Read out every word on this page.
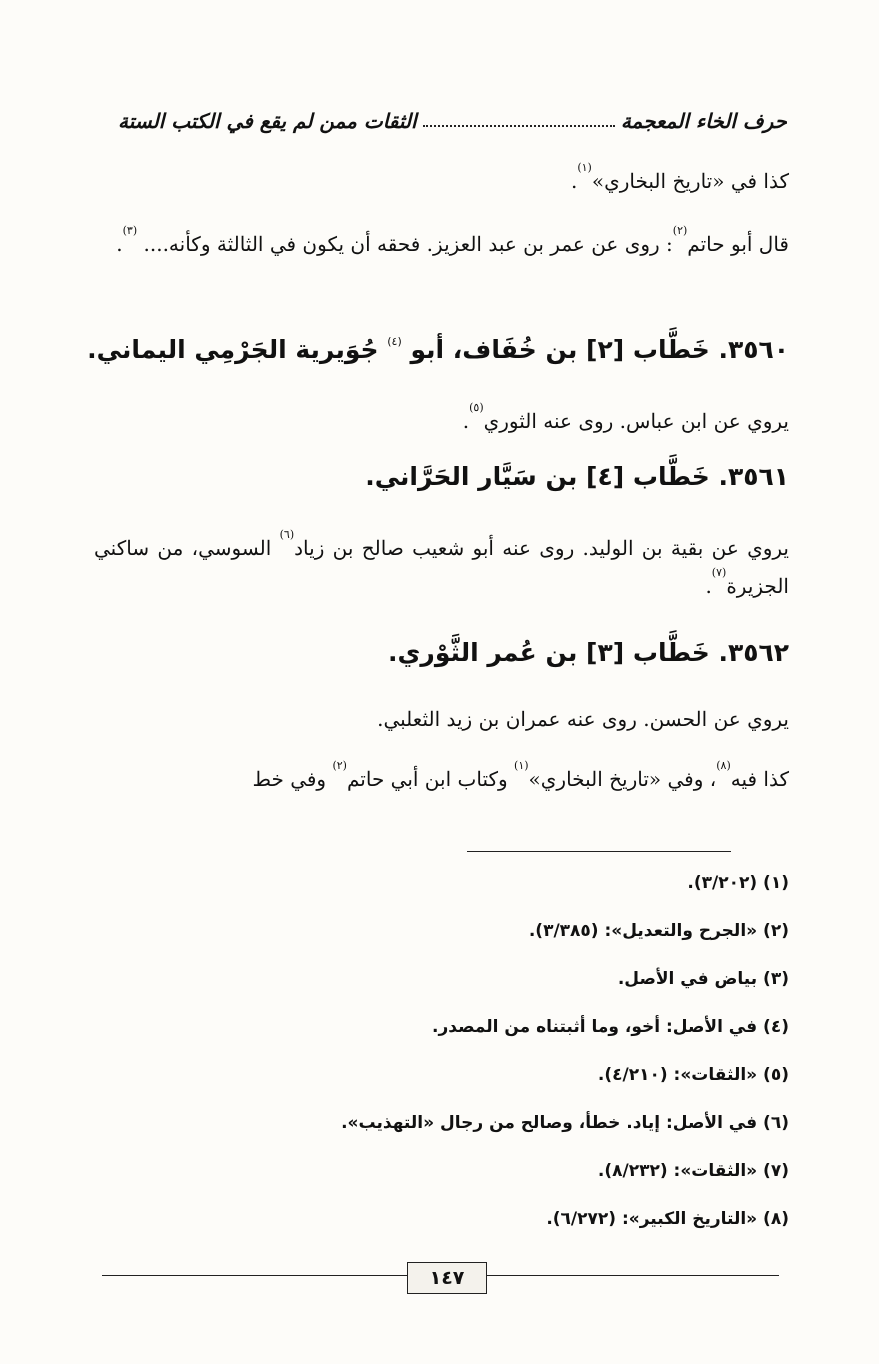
حرف الخاء المعجمة
الثقات ممن لم يقع في الكتب الستة
كذا في «تاريخ البخاري»$^{(١)}$.
قال أبو حاتم$^{(٢)}$: روى عن عمر بن عبد العزيز. فحقه أن يكون في الثالثة وكأنه.... $^{(٣)}$.
٣٥٦٠. خَطَّاب [٢] بن خُفَاف، أبو $^{(٤)}$ جُوَيرية الجَرْمِي اليماني.
يروي عن ابن عباس. روى عنه الثوري$^{(٥)}$.
٣٥٦١. خَطَّاب [٤] بن سَيَّار الحَرَّاني.
يروي عن بقية بن الوليد. روى عنه أبو شعيب صالح بن زياد$^{(٦)}$ السوسي، من ساكني الجزيرة$^{(٧)}$.
٣٥٦٢. خَطَّاب [٣] بن عُمر الثَّوْري.
يروي عن الحسن. روى عنه عمران بن زيد الثعلبي.
كذا فيه$^{(٨)}$، وفي «تاريخ البخاري»$^{(١)}$ وكتاب ابن أبي حاتم$^{(٢)}$ وفي خط
(١) (٣/٢٠٢).
(٢) «الجرح والتعديل»: (٣/٣٨٥).
(٣) بياض في الأصل.
(٤) في الأصل: أخو، وما أثبتناه من المصدر.
(٥) «الثقات»: (٤/٢١٠).
(٦) في الأصل: إياد. خطأ، وصالح من رجال «التهذيب».
(٧) «الثقات»: (٨/٢٣٢).
(٨) «التاريخ الكبير»: (٦/٢٧٢).
١٤٧
